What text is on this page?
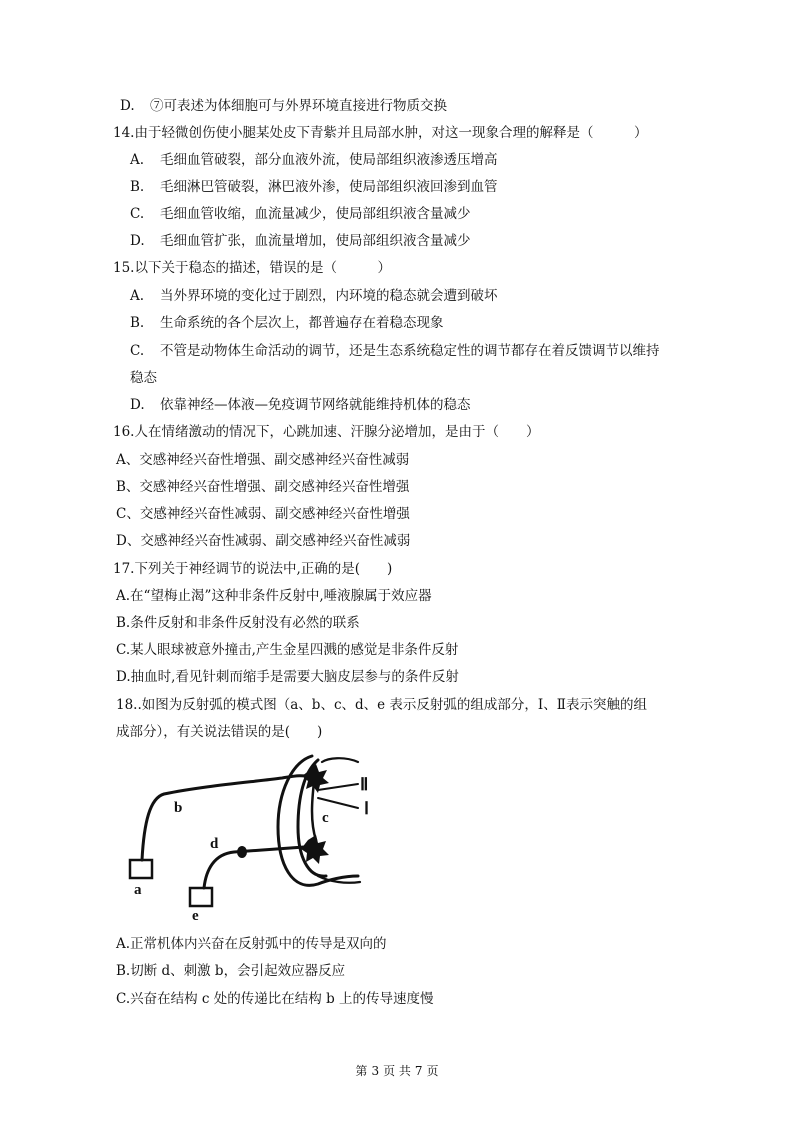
D. ⑦可表述为体细胞可与外界环境直接进行物质交换
14.由于轻微创伤使小腿某处皮下青紫并且局部水肿，对这一现象合理的解释是（　　　）
A. 毛细血管破裂，部分血液外流，使局部组织液渗透压增高
B. 毛细淋巴管破裂，淋巴液外渗，使局部组织液回渗到血管
C. 毛细血管收缩，血流量减少，使局部组织液含量减少
D. 毛细血管扩张，血流量增加，使局部组织液含量减少
15.以下关于稳态的描述，错误的是（　　　）
A. 当外界环境的变化过于剧烈，内环境的稳态就会遭到破坏
B. 生命系统的各个层次上，都普遍存在着稳态现象
C. 不管是动物体生命活动的调节，还是生态系统稳定性的调节都存在着反馈调节以维持
稳态
D. 依靠神经—体液—免疫调节网络就能维持机体的稳态
16.人在情绪激动的情况下，心跳加速、汗腺分泌增加，是由于（　　）
A、交感神经兴奋性增强、副交感神经兴奋性减弱
B、交感神经兴奋性增强、副交感神经兴奋性增强
C、交感神经兴奋性减弱、副交感神经兴奋性增强
D、交感神经兴奋性减弱、副交感神经兴奋性减弱
17.下列关于神经调节的说法中,正确的是(　　)
A.在“望梅止渴”这种非条件反射中,唾液腺属于效应器
B.条件反射和非条件反射没有必然的联系
C.某人眼球被意外撞击,产生金星四溅的感觉是非条件反射
D.抽血时,看见针刺而缩手是需要大脑皮层参与的条件反射
18..如图为反射弧的模式图（a、b、c、d、e 表示反射弧的组成部分，Ⅰ、Ⅱ表示突触的组
成部分），有关说法错误的是(　　)
a
b
c
d
e
Ⅱ
Ⅰ
A.正常机体内兴奋在反射弧中的传导是双向的
B.切断 d、刺激 b，会引起效应器反应
C.兴奋在结构 c 处的传递比在结构 b 上的传导速度慢
第 3 页 共 7 页
